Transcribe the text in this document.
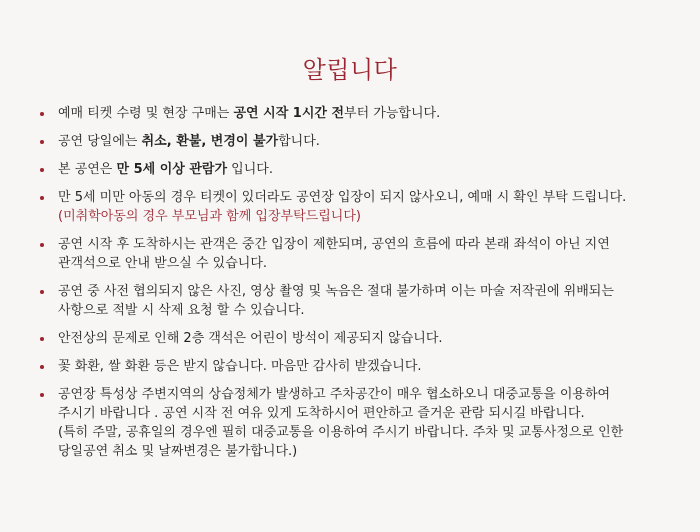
알립니다
예매 티켓 수령 및 현장 구매는 공연 시작 1시간 전부터 가능합니다.
공연 당일에는 취소, 환불, 변경이 불가합니다.
본 공연은 만 5세 이상 관람가 입니다.
만 5세 미만 아동의 경우 티켓이 있더라도 공연장 입장이 되지 않사오니, 예매 시 확인 부탁 드립니다.
(미취학아동의 경우 부모님과 함께 입장부탁드립니다)
공연 시작 후 도착하시는 관객은 중간 입장이 제한되며, 공연의 흐름에 따라 본래 좌석이 아닌 지연
관객석으로 안내 받으실 수 있습니다.
공연 중 사전 협의되지 않은 사진, 영상 촬영 및 녹음은 절대 불가하며 이는 마술 저작권에 위배되는
사항으로 적발 시 삭제 요청 할 수 있습니다.
안전상의 문제로 인해 2층 객석은 어린이 방석이 제공되지 않습니다.
꽃 화환, 쌀 화환 등은 받지 않습니다. 마음만 감사히 받겠습니다.
공연장 특성상 주변지역의 상습정체가 발생하고 주차공간이 매우 협소하오니 대중교통을 이용하여
주시기 바랍니다 . 공연 시작 전 여유 있게 도착하시어 편안하고 즐거운 관람 되시길 바랍니다.
(특히 주말, 공휴일의 경우엔 필히 대중교통을 이용하여 주시기 바랍니다. 주차 및 교통사정으로 인한
당일공연 취소 및 날짜변경은 불가합니다.)
